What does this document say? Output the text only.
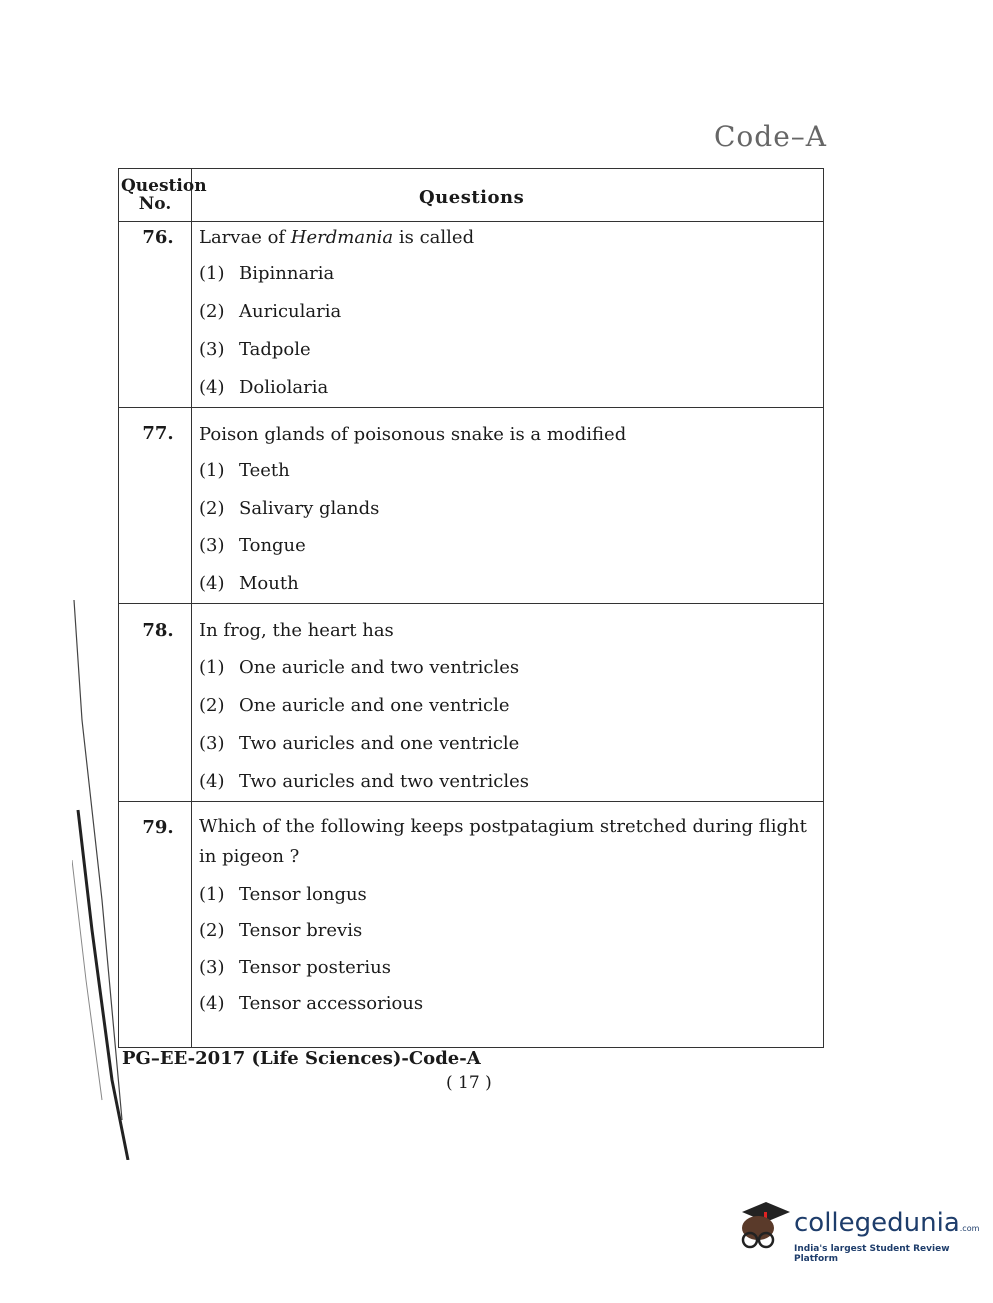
Code–A
Question
No.	Questions
76.	Larvae of Herdmania is called
(1) Bipinnaria
(2) Auricularia
(3) Tadpole
(4) Doliolaria
77.	Poison glands of poisonous snake is a modified
(1) Teeth
(2) Salivary glands
(3) Tongue
(4) Mouth
78.	In frog, the heart has
(1) One auricle and two ventricles
(2) One auricle and one ventricle
(3) Two auricles and one ventricle
(4) Two auricles and two ventricles
79.	Which of the following keeps postpatagium stretched during flight in pigeon ?
(1) Tensor longus
(2) Tensor brevis
(3) Tensor posterius
(4) Tensor accessorious
PG–EE-2017 (Life Sciences)-Code-A
( 17 )
collegedunia.com
India's largest Student Review Platform
